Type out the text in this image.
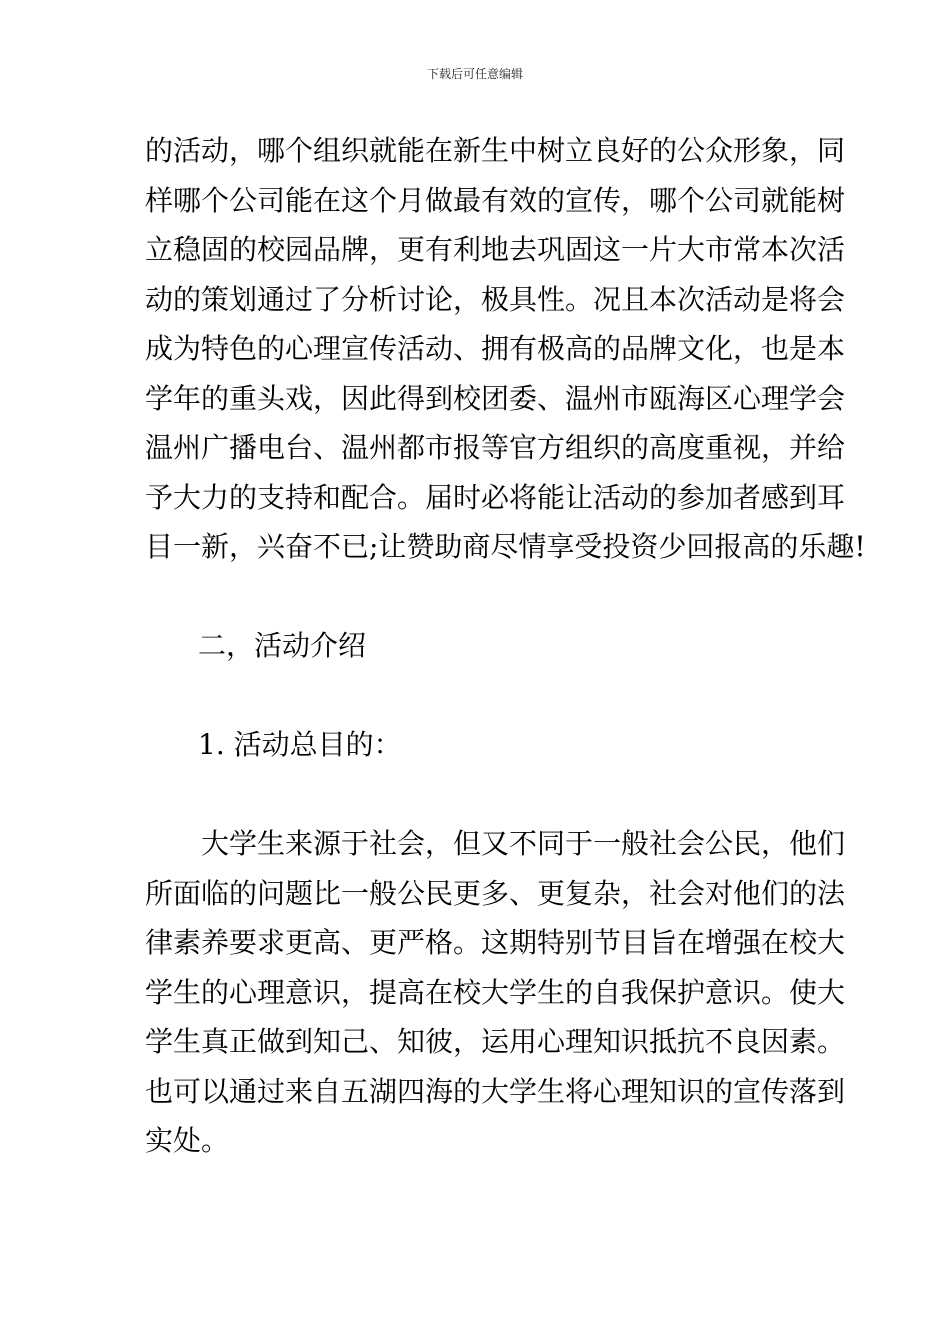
下载后可任意编辑
的活动，哪个组织就能在新生中树立良好的公众形象，同
样哪个公司能在这个月做最有效的宣传，哪个公司就能树
立稳固的校园品牌，更有利地去巩固这一片大市常本次活
动的策划通过了分析讨论，极具性。况且本次活动是将会
成为特色的心理宣传活动、拥有极高的品牌文化，也是本
学年的重头戏，因此得到校团委、温州市瓯海区心理学会
温州广播电台、温州都市报等官方组织的高度重视，并给
予大力的支持和配合。届时必将能让活动的参加者感到耳
目一新，兴奋不已;让赞助商尽情享受投资少回报高的乐趣!
二，活动介绍
1. 活动总目的：
　　大学生来源于社会，但又不同于一般社会公民，他们
所面临的问题比一般公民更多、更复杂，社会对他们的法
律素养要求更高、更严格。这期特别节目旨在增强在校大
学生的心理意识，提高在校大学生的自我保护意识。使大
学生真正做到知己、知彼，运用心理知识抵抗不良因素。
也可以通过来自五湖四海的大学生将心理知识的宣传落到
实处。
